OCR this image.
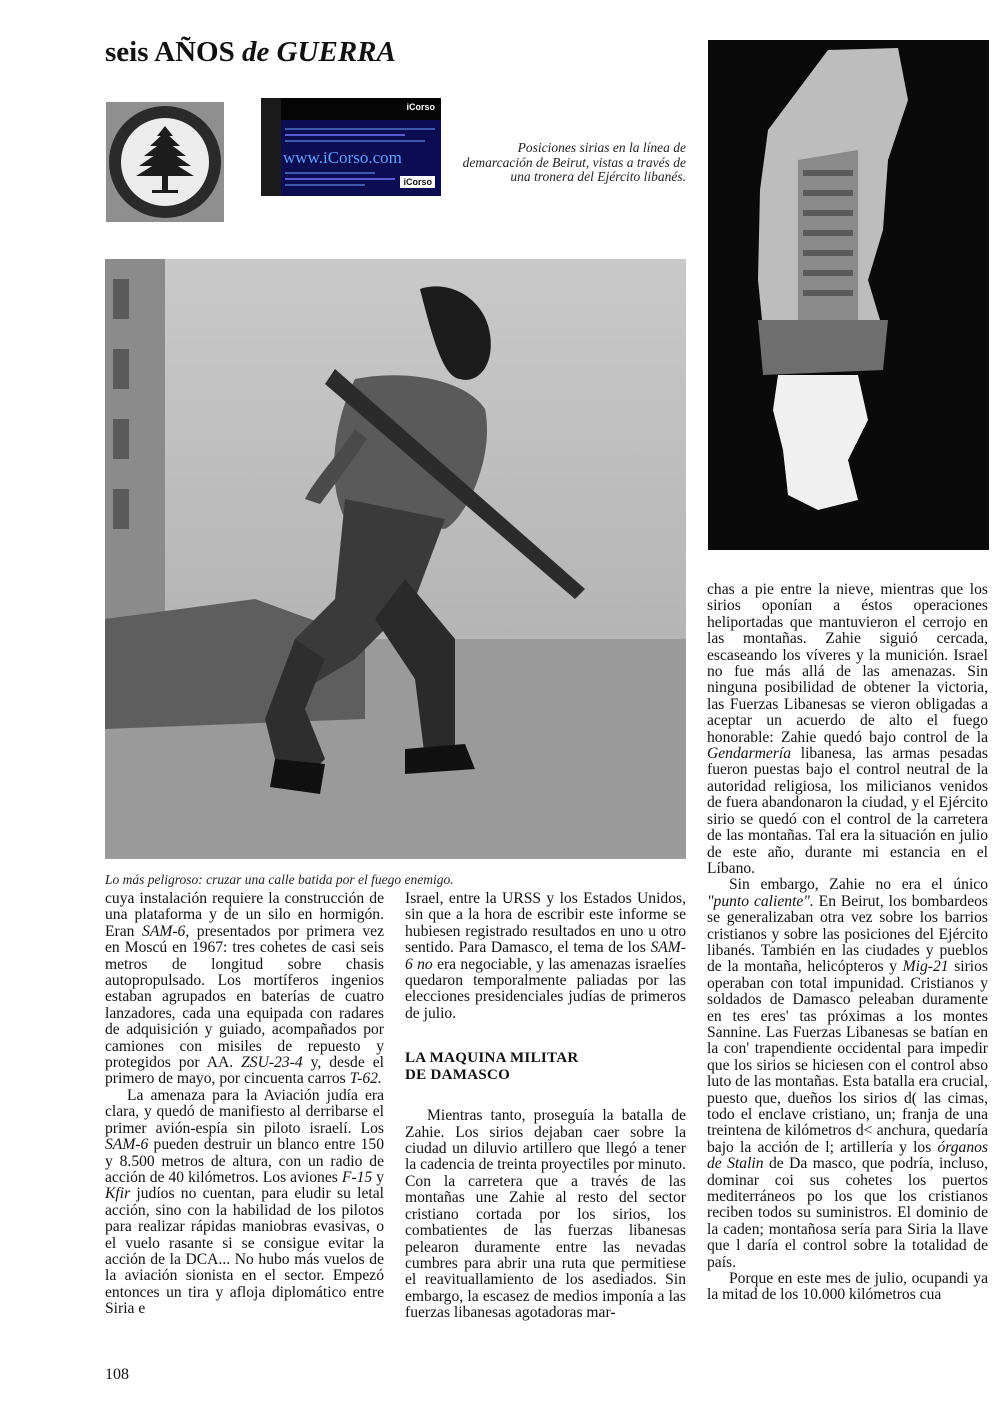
seis AÑOS de GUERRA
iCorso
www.iCorso.com
iCorso
Posiciones sirias en la línea de demarcación de Beirut, vistas a través de una tronera del Ejército libanés.
Lo más peligroso: cruzar una calle batida por el fuego enemigo.

cuya instalación requiere la construcción de una plataforma y de un silo en hormigón. Eran SAM-6, presentados por primera vez en Moscú en 1967: tres cohetes de casi seis metros de longitud sobre chasis autopropulsado. Los mortíferos ingenios estaban agrupados en baterías de cuatro lanzadores, cada una equipada con radares de adquisición y guiado, acompañados por camiones con misiles de repuesto y protegidos por AA. ZSU-23-4 y, desde el primero de mayo, por cincuenta carros T-62.

La amenaza para la Aviación judía era clara, y quedó de manifiesto al derribarse el primer avión-espía sin piloto israelí. Los SAM-6 pueden destruir un blanco entre 150 y 8.500 metros de altura, con un radio de acción de 40 kilómetros. Los aviones F-15 y Kfir judíos no cuentan, para eludir su letal acción, sino con la habilidad de los pilotos para realizar rápidas maniobras evasivas, o el vuelo rasante si se consigue evitar la acción de la DCA... No hubo más vuelos de la aviación sionista en el sector. Empezó entonces un tira y afloja diplomático entre Siria e

Israel, entre la URSS y los Estados Unidos, sin que a la hora de escribir este informe se hubiesen registrado resultados en uno u otro sentido. Para Damasco, el tema de los SAM-6 no era negociable, y las amenazas israelíes quedaron temporalmente paliadas por las elecciones presidenciales judías de primeros de julio.

LA MAQUINA MILITAR
DE DAMASCO

Mientras tanto, proseguía la batalla de Zahie. Los sirios dejaban caer sobre la ciudad un diluvio artillero que llegó a tener la cadencia de treinta proyectiles por minuto. Con la carretera que a través de las montañas une Zahie al resto del sector cristiano cortada por los sirios, los combatientes de las fuerzas libanesas pelearon duramente entre las nevadas cumbres para abrir una ruta que permitiese el reavituallamiento de los asediados. Sin embargo, la escasez de medios imponía a las fuerzas libanesas agotadoras mar-

chas a pie entre la nieve, mientras que los sirios oponían a éstos operaciones heliportadas que mantuvieron el cerrojo en las montañas. Zahie siguió cercada, escaseando los víveres y la munición. Israel no fue más allá de las amenazas. Sin ninguna posibilidad de obtener la victoria, las Fuerzas Libanesas se vieron obligadas a aceptar un acuerdo de alto el fuego honorable: Zahie quedó bajo control de la Gendarmería libanesa, las armas pesadas fueron puestas bajo el control neutral de la autoridad religiosa, los milicianos venidos de fuera abandonaron la ciudad, y el Ejército sirio se quedó con el control de la carretera de las montañas. Tal era la situación en julio de este año, durante mi estancia en el Líbano.

Sin embargo, Zahie no era el único "punto caliente". En Beirut, los bombardeos se generalizaban otra vez sobre los barrios cristianos y sobre las posiciones del Ejército libanés. También en las ciudades y pueblos de la montaña, helicópteros y Mig-21 sirios operaban con total impunidad. Cristianos y soldados de Damasco peleaban duramente en tes eres' tas próximas a los montes Sannine. Las Fuerzas Libanesas se batían en la con' trapendiente occidental para impedir que los sirios se hiciesen con el control abso luto de las montañas. Esta batalla era crucial, puesto que, dueños los sirios d( las cimas, todo el enclave cristiano, un; franja de una treintena de kilómetros d< anchura, quedaría bajo la acción de l; artillería y los órganos de Stalin de Da masco, que podría, incluso, dominar coi sus cohetes los puertos mediterráneos po los que los cristianos reciben todos su suministros. El dominio de la caden; montañosa sería para Siria la llave que l daría el control sobre la totalidad de país.

Porque en este mes de julio, ocupandi ya la mitad de los 10.000 kilómetros cua

108
